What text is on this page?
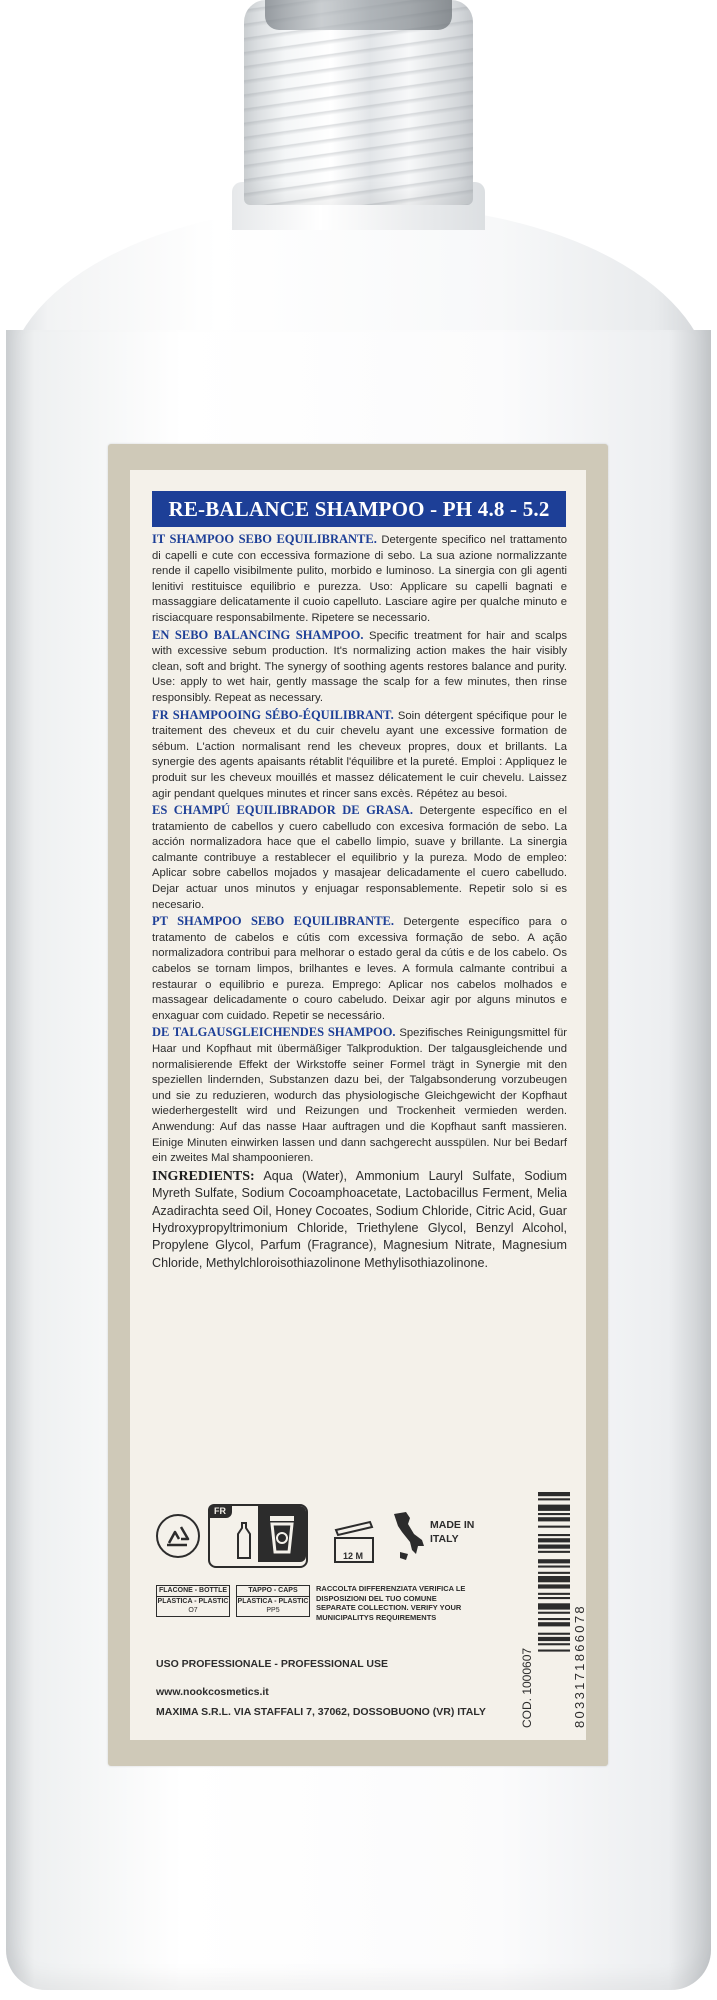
RE-BALANCE SHAMPOO - PH 4.8 - 5.2

IT SHAMPOO SEBO EQUILIBRANTE. Detergente specifico nel trattamento di capelli e cute con eccessiva formazione di sebo. La sua azione normalizzante rende il capello visibilmente pulito, morbido e luminoso. La sinergia con gli agenti lenitivi restituisce equilibrio e purezza. Uso: Applicare su capelli bagnati e massaggiare delicatamente il cuoio capelluto. Lasciare agire per qualche minuto e risciacquare responsabilmente. Ripetere se necessario.

EN SEBO BALANCING SHAMPOO. Specific treatment for hair and scalps with excessive sebum production. It's normalizing action makes the hair visibly clean, soft and bright. The synergy of soothing agents restores balance and purity. Use: apply to wet hair, gently massage the scalp for a few minutes, then rinse responsibly. Repeat as necessary.

FR SHAMPOOING SÉBO-ÉQUILIBRANT. Soin détergent spécifique pour le traitement des cheveux et du cuir chevelu ayant une excessive formation de sébum. L'action normalisant rend les cheveux propres, doux et brillants. La synergie des agents apaisants rétablit l'équilibre et la pureté. Emploi : Appliquez le produit sur les cheveux mouillés et massez délicatement le cuir chevelu. Laissez agir pendant quelques minutes et rincer sans excès. Répétez au besoi.

ES CHAMPÚ EQUILIBRADOR DE GRASA. Detergente específico en el tratamiento de cabellos y cuero cabelludo con excesiva formación de sebo. La acción normalizadora hace que el cabello limpio, suave y brillante. La sinergia calmante contribuye a restablecer el equilibrio y la pureza. Modo de empleo: Aplicar sobre cabellos mojados y masajear delicadamente el cuero cabelludo. Dejar actuar unos minutos y enjuagar responsablemente. Repetir solo si es necesario.

PT SHAMPOO SEBO EQUILIBRANTE. Detergente específico para o tratamento de cabelos e cútis com excessiva formação de sebo. A ação normalizadora contribui para melhorar o estado geral da cútis e de los cabelo. Os cabelos se tornam limpos, brilhantes e leves. A formula calmante contribui a restaurar o equilibrio e pureza. Emprego: Aplicar nos cabelos molhados e massagear delicadamente o couro cabeludo. Deixar agir por alguns minutos e enxaguar com cuidado. Repetir se necessário.

DE TALGAUSGLEICHENDES SHAMPOO. Spezifisches Reinigungsmittel für Haar und Kopfhaut mit übermäßiger Talkproduktion. Der talgausgleichende und normalisierende Effekt der Wirkstoffe seiner Formel trägt in Synergie mit den speziellen lindernden, Substanzen dazu bei, der Talgabsonderung vorzubeugen und sie zu reduzieren, wodurch das physiologische Gleichgewicht der Kopfhaut wiederhergestellt wird und Reizungen und Trockenheit vermieden werden. Anwendung: Auf das nasse Haar auftragen und die Kopfhaut sanft massieren. Einige Minuten einwirken lassen und dann sachgerecht ausspülen. Nur bei Bedarf ein zweites Mal shampoonieren.

INGREDIENTS: Aqua (Water), Ammonium Lauryl Sulfate, Sodium Myreth Sulfate, Sodium Cocoamphoacetate, Lactobacillus Ferment, Melia Azadirachta seed Oil, Honey Cocoates, Sodium Chloride, Citric Acid, Guar Hydroxypropyltrimonium Chloride, Triethylene Glycol, Benzyl Alcohol, Propylene Glycol, Parfum (Fragrance), Magnesium Nitrate, Magnesium Chloride, Methylchloroisothiazolinone Methylisothiazolinone.

FR
12 M
MADE IN ITALY
FLACONE - BOTTLE
PLASTICA - PLASTIC
O7
TAPPO - CAPS
PLASTICA - PLASTIC
PP5
RACCOLTA DIFFERENZIATA VERIFICA LE DISPOSIZIONI DEL TUO COMUNE
SEPARATE COLLECTION. VERIFY YOUR MUNICIPALITYS REQUIREMENTS
USO PROFESSIONALE - PROFESSIONAL USE
www.nookcosmetics.it
MAXIMA S.R.L. VIA STAFFALI 7, 37062, DOSSOBUONO (VR) ITALY	COD. 1000607	8033171866078
